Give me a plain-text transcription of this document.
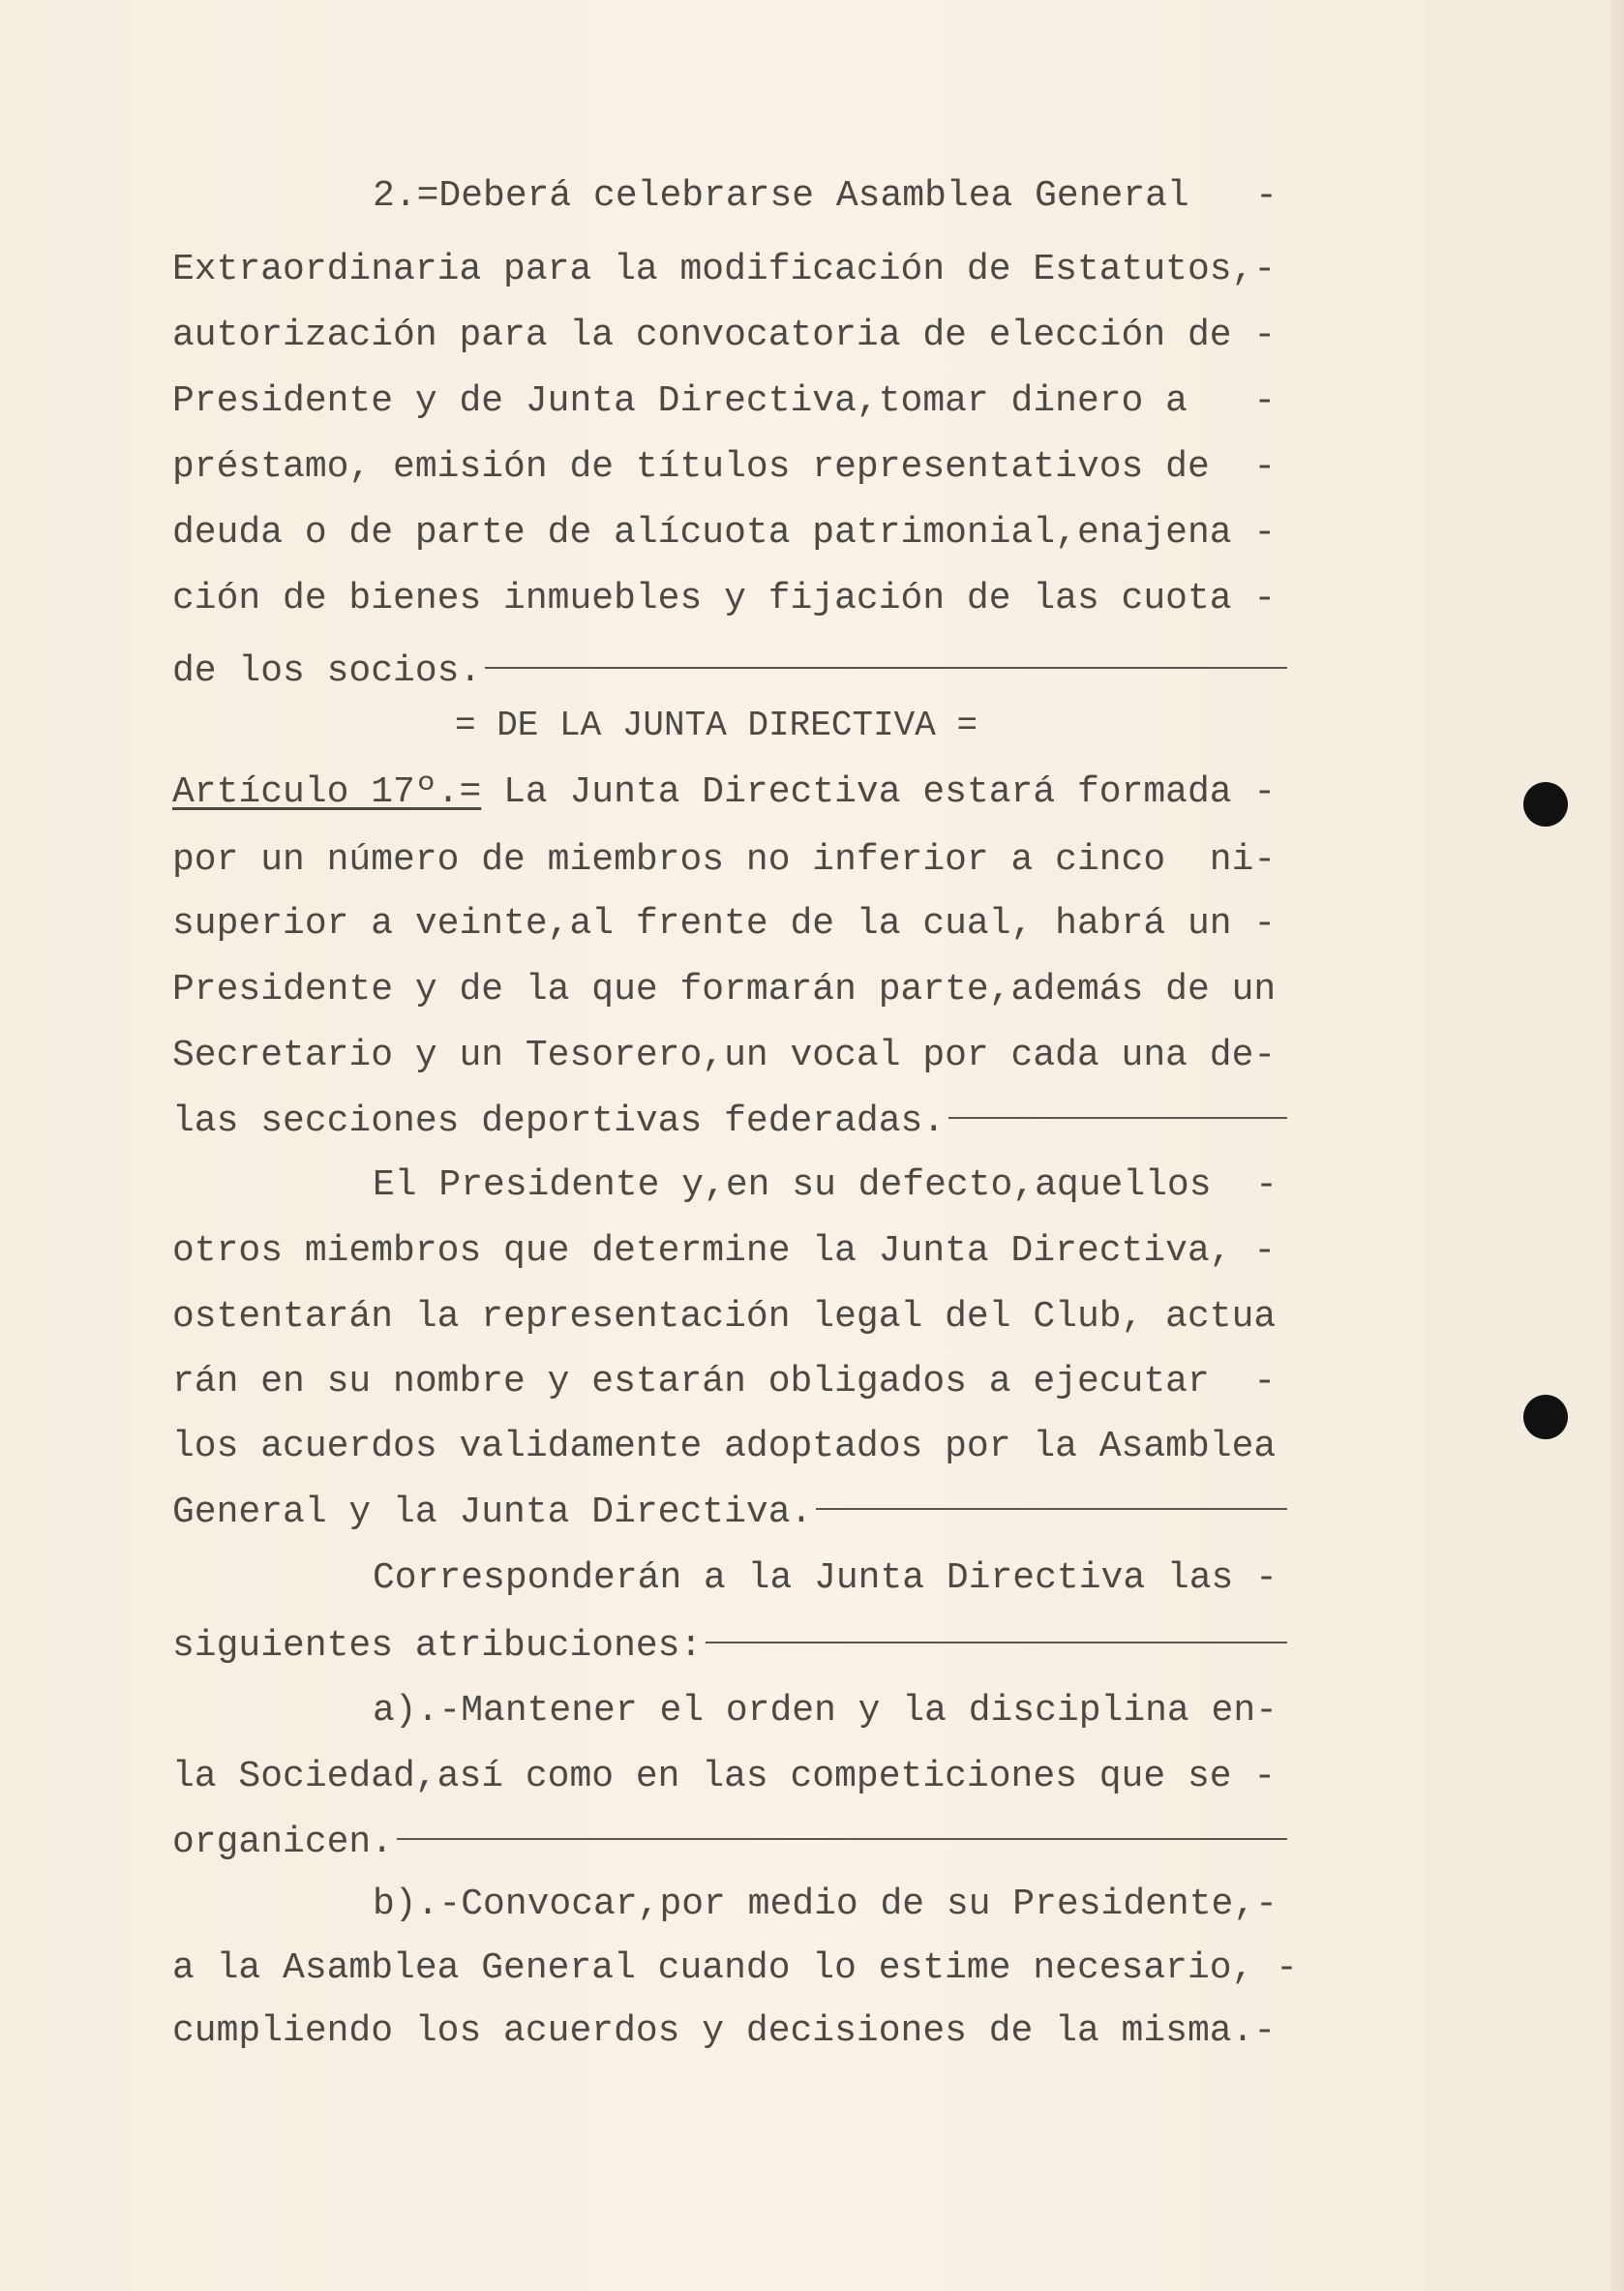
2.=Deberá celebrarse Asamblea General   -
Extraordinaria para la modificación de Estatutos,-
autorización para la convocatoria de elección de -
Presidente y de Junta Directiva,tomar dinero a   -
préstamo, emisión de títulos representativos de  -
deuda o de parte de alícuota patrimonial,enajena -
ción de bienes inmuebles y fijación de las cuota -
de los socios.
= DE LA JUNTA DIRECTIVA =
Artículo 17º.= La Junta Directiva estará formada -
por un número de miembros no inferior a cinco  ni-
superior a veinte,al frente de la cual, habrá un -
Presidente y de la que formarán parte,además de un
Secretario y un Tesorero,un vocal por cada una de-
las secciones deportivas federadas.
El Presidente y,en su defecto,aquellos  -
otros miembros que determine la Junta Directiva, -
ostentarán la representación legal del Club, actua
rán en su nombre y estarán obligados a ejecutar  -
los acuerdos validamente adoptados por la Asamblea
General y la Junta Directiva.
Corresponderán a la Junta Directiva las -
siguientes atribuciones:
a).-Mantener el orden y la disciplina en-
la Sociedad,así como en las competiciones que se -
organicen.
b).-Convocar,por medio de su Presidente,-
a la Asamblea General cuando lo estime necesario, -
cumpliendo los acuerdos y decisiones de la misma.-
